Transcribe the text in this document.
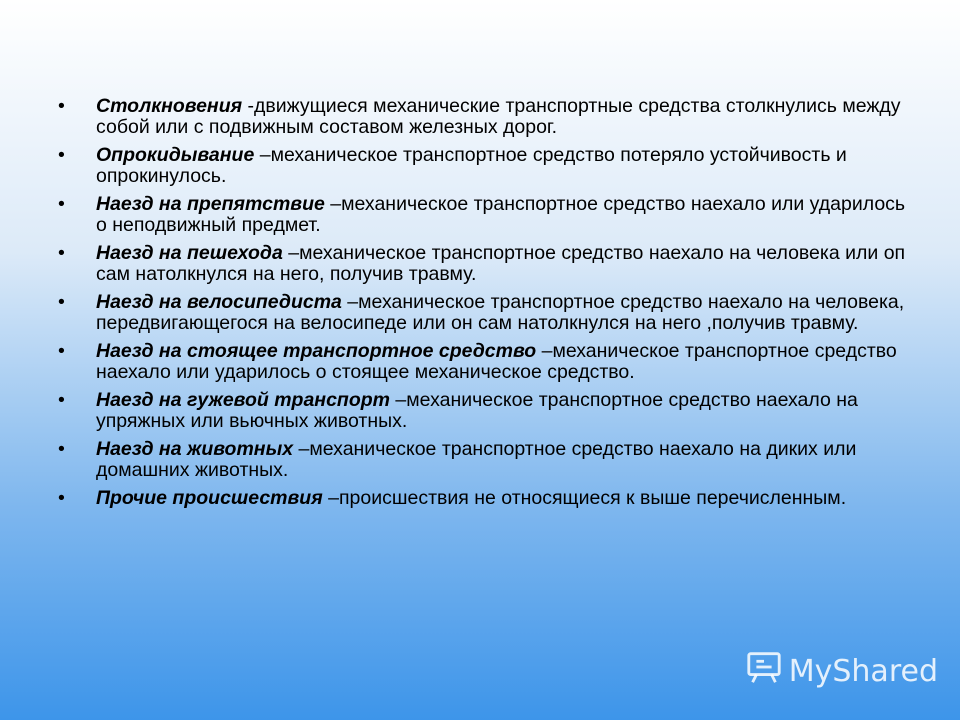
• Столкновения -движущиеся механические транспортные средства столкнулись между собой или с подвижным составом железных дорог.
• Опрокидывание –механическое транспортное средство потеряло устойчивость и опрокинулось.
• Наезд на препятствие –механическое транспортное средство наехало или ударилось о неподвижный предмет.
• Наезд на пешехода –механическое транспортное средство наехало на человека или оп сам натолкнулся на него, получив травму.
• Наезд на велосипедиста –механическое транспортное средство наехало на человека, передвигающегося на велосипеде или он сам натолкнулся на него ,получив травму.
• Наезд на стоящее транспортное средство –механическое транспортное средство наехало или ударилось о стоящее механическое средство.
• Наезд на гужевой транспорт –механическое транспортное средство наехало на упряжных или вьючных животных.
• Наезд на животных –механическое транспортное средство наехало на диких или домашних животных.
• Прочие происшествия –происшествия не относящиеся к выше перечисленным.
MyShared
